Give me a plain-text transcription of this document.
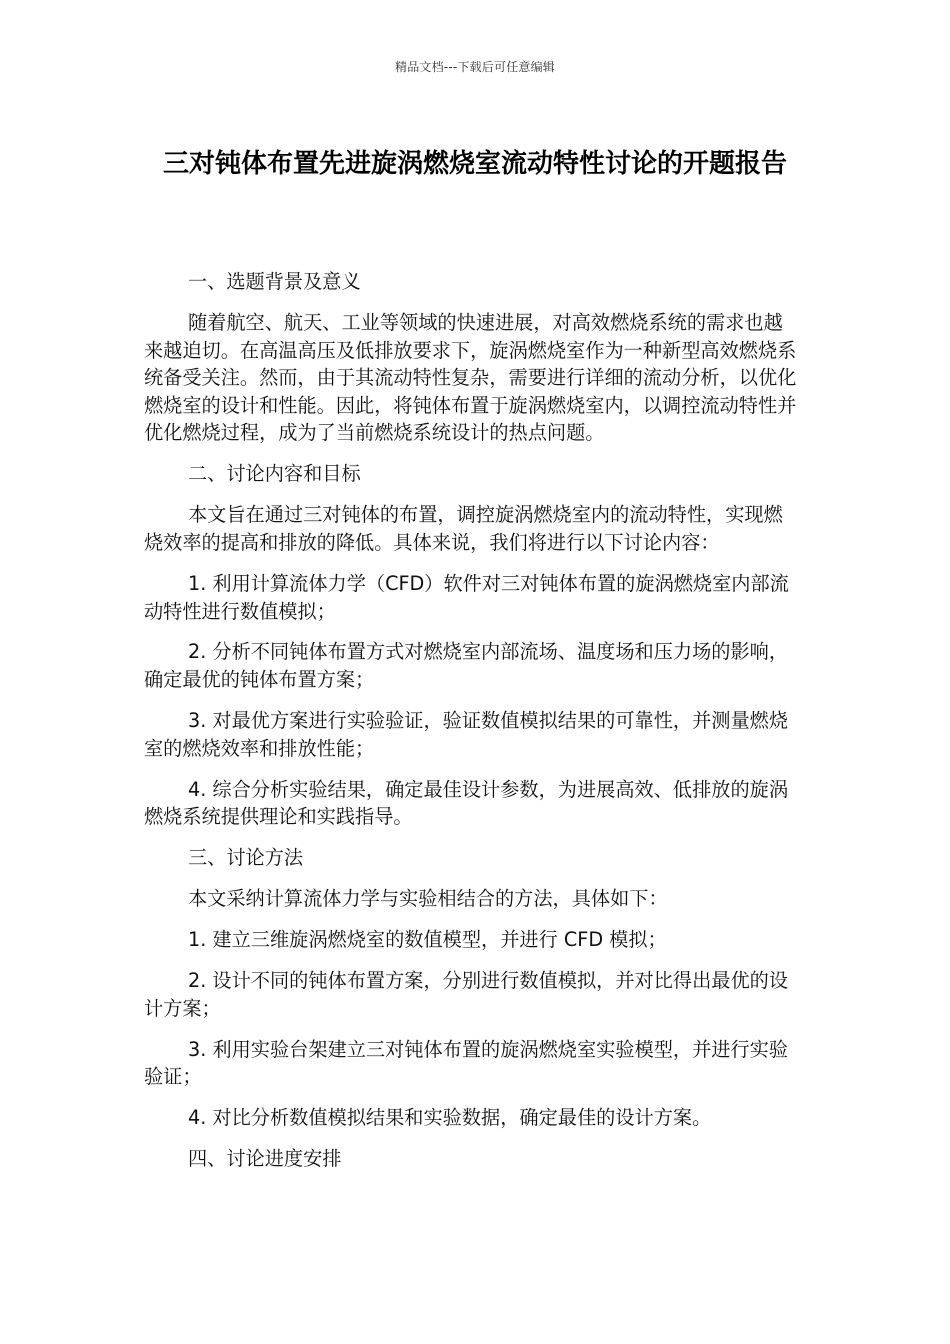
精品文档---下载后可任意编辑
三对钝体布置先进旋涡燃烧室流动特性讨论的开题报告

一、选题背景及意义

随着航空、航天、工业等领域的快速进展，对高效燃烧系统的需求也越来越迫切。在高温高压及低排放要求下，旋涡燃烧室作为一种新型高效燃烧系统备受关注。然而，由于其流动特性复杂，需要进行详细的流动分析，以优化燃烧室的设计和性能。因此，将钝体布置于旋涡燃烧室内，以调控流动特性并优化燃烧过程，成为了当前燃烧系统设计的热点问题。

二、讨论内容和目标

本文旨在通过三对钝体的布置，调控旋涡燃烧室内的流动特性，实现燃烧效率的提高和排放的降低。具体来说，我们将进行以下讨论内容：

1. 利用计算流体力学（CFD）软件对三对钝体布置的旋涡燃烧室内部流动特性进行数值模拟；

2. 分析不同钝体布置方式对燃烧室内部流场、温度场和压力场的影响，确定最优的钝体布置方案；

3. 对最优方案进行实验验证，验证数值模拟结果的可靠性，并测量燃烧室的燃烧效率和排放性能；

4. 综合分析实验结果，确定最佳设计参数，为进展高效、低排放的旋涡燃烧系统提供理论和实践指导。

三、讨论方法

本文采纳计算流体力学与实验相结合的方法，具体如下：

1. 建立三维旋涡燃烧室的数值模型，并进行 CFD 模拟；

2. 设计不同的钝体布置方案，分别进行数值模拟，并对比得出最优的设计方案；

3. 利用实验台架建立三对钝体布置的旋涡燃烧室实验模型，并进行实验验证；

4. 对比分析数值模拟结果和实验数据，确定最佳的设计方案。

四、讨论进度安排
